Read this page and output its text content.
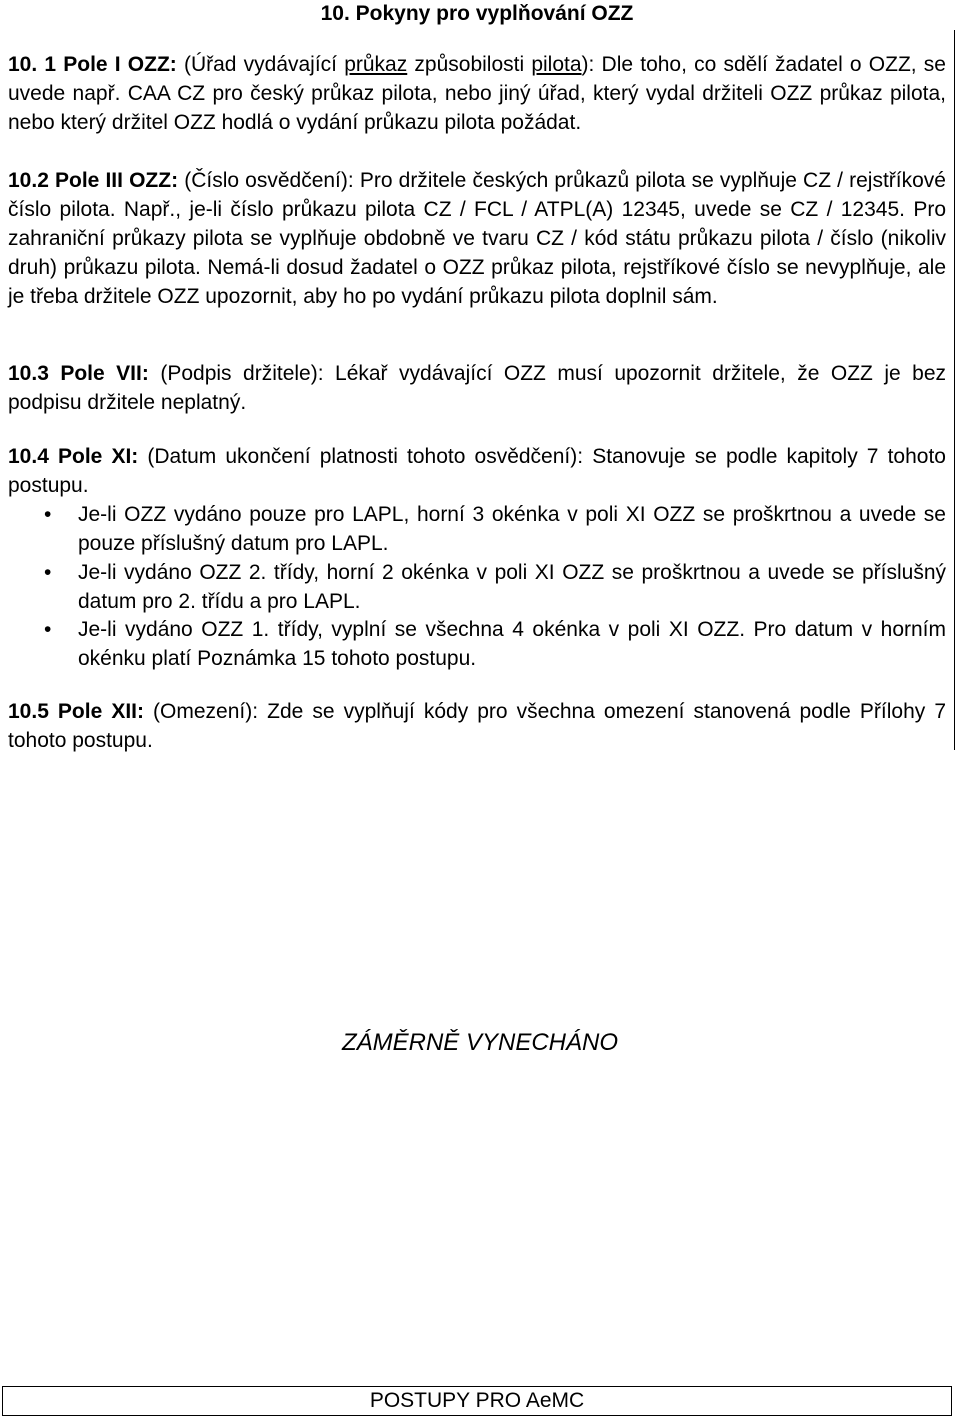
10. Pokyny pro vyplňování OZZ

10. 1 Pole I OZZ: (Úřad vydávající průkaz způsobilosti pilota): Dle toho, co sdělí žadatel o OZZ, se uvede např. CAA CZ pro český průkaz pilota, nebo jiný úřad, který vydal držiteli OZZ průkaz pilota, nebo který držitel OZZ hodlá o vydání průkazu pilota požádat.

10.2 Pole III OZZ: (Číslo osvědčení): Pro držitele českých průkazů pilota se vyplňuje CZ / rejstříkové číslo pilota. Např., je-li číslo průkazu pilota CZ / FCL / ATPL(A) 12345, uvede se CZ / 12345. Pro zahraniční průkazy pilota se vyplňuje obdobně ve tvaru CZ / kód státu průkazu pilota / číslo (nikoliv druh) průkazu pilota. Nemá-li dosud žadatel o OZZ průkaz pilota, rejstříkové číslo se nevyplňuje, ale je třeba držitele OZZ upozornit, aby ho po vydání průkazu pilota doplnil sám.

10.3 Pole VII: (Podpis držitele): Lékař vydávající OZZ musí upozornit držitele, že OZZ je bez podpisu držitele neplatný.

10.4 Pole XI: (Datum ukončení platnosti tohoto osvědčení): Stanovuje se podle kapitoly 7 tohoto postupu.

• Je-li OZZ vydáno pouze pro LAPL, horní 3 okénka v poli XI OZZ se proškrtnou a uvede se pouze příslušný datum pro LAPL.
• Je-li vydáno OZZ 2. třídy, horní 2 okénka v poli XI OZZ se proškrtnou a uvede se příslušný datum pro 2. třídu a pro LAPL.
• Je-li vydáno OZZ 1. třídy, vyplní se všechna 4 okénka v poli XI OZZ. Pro datum v horním okénku platí Poznámka 15 tohoto postupu.

10.5 Pole XII: (Omezení): Zde se vyplňují kódy pro všechna omezení stanovená podle Přílohy 7 tohoto postupu.

ZÁMĚRNĚ VYNECHÁNO
POSTUPY PRO AeMC
